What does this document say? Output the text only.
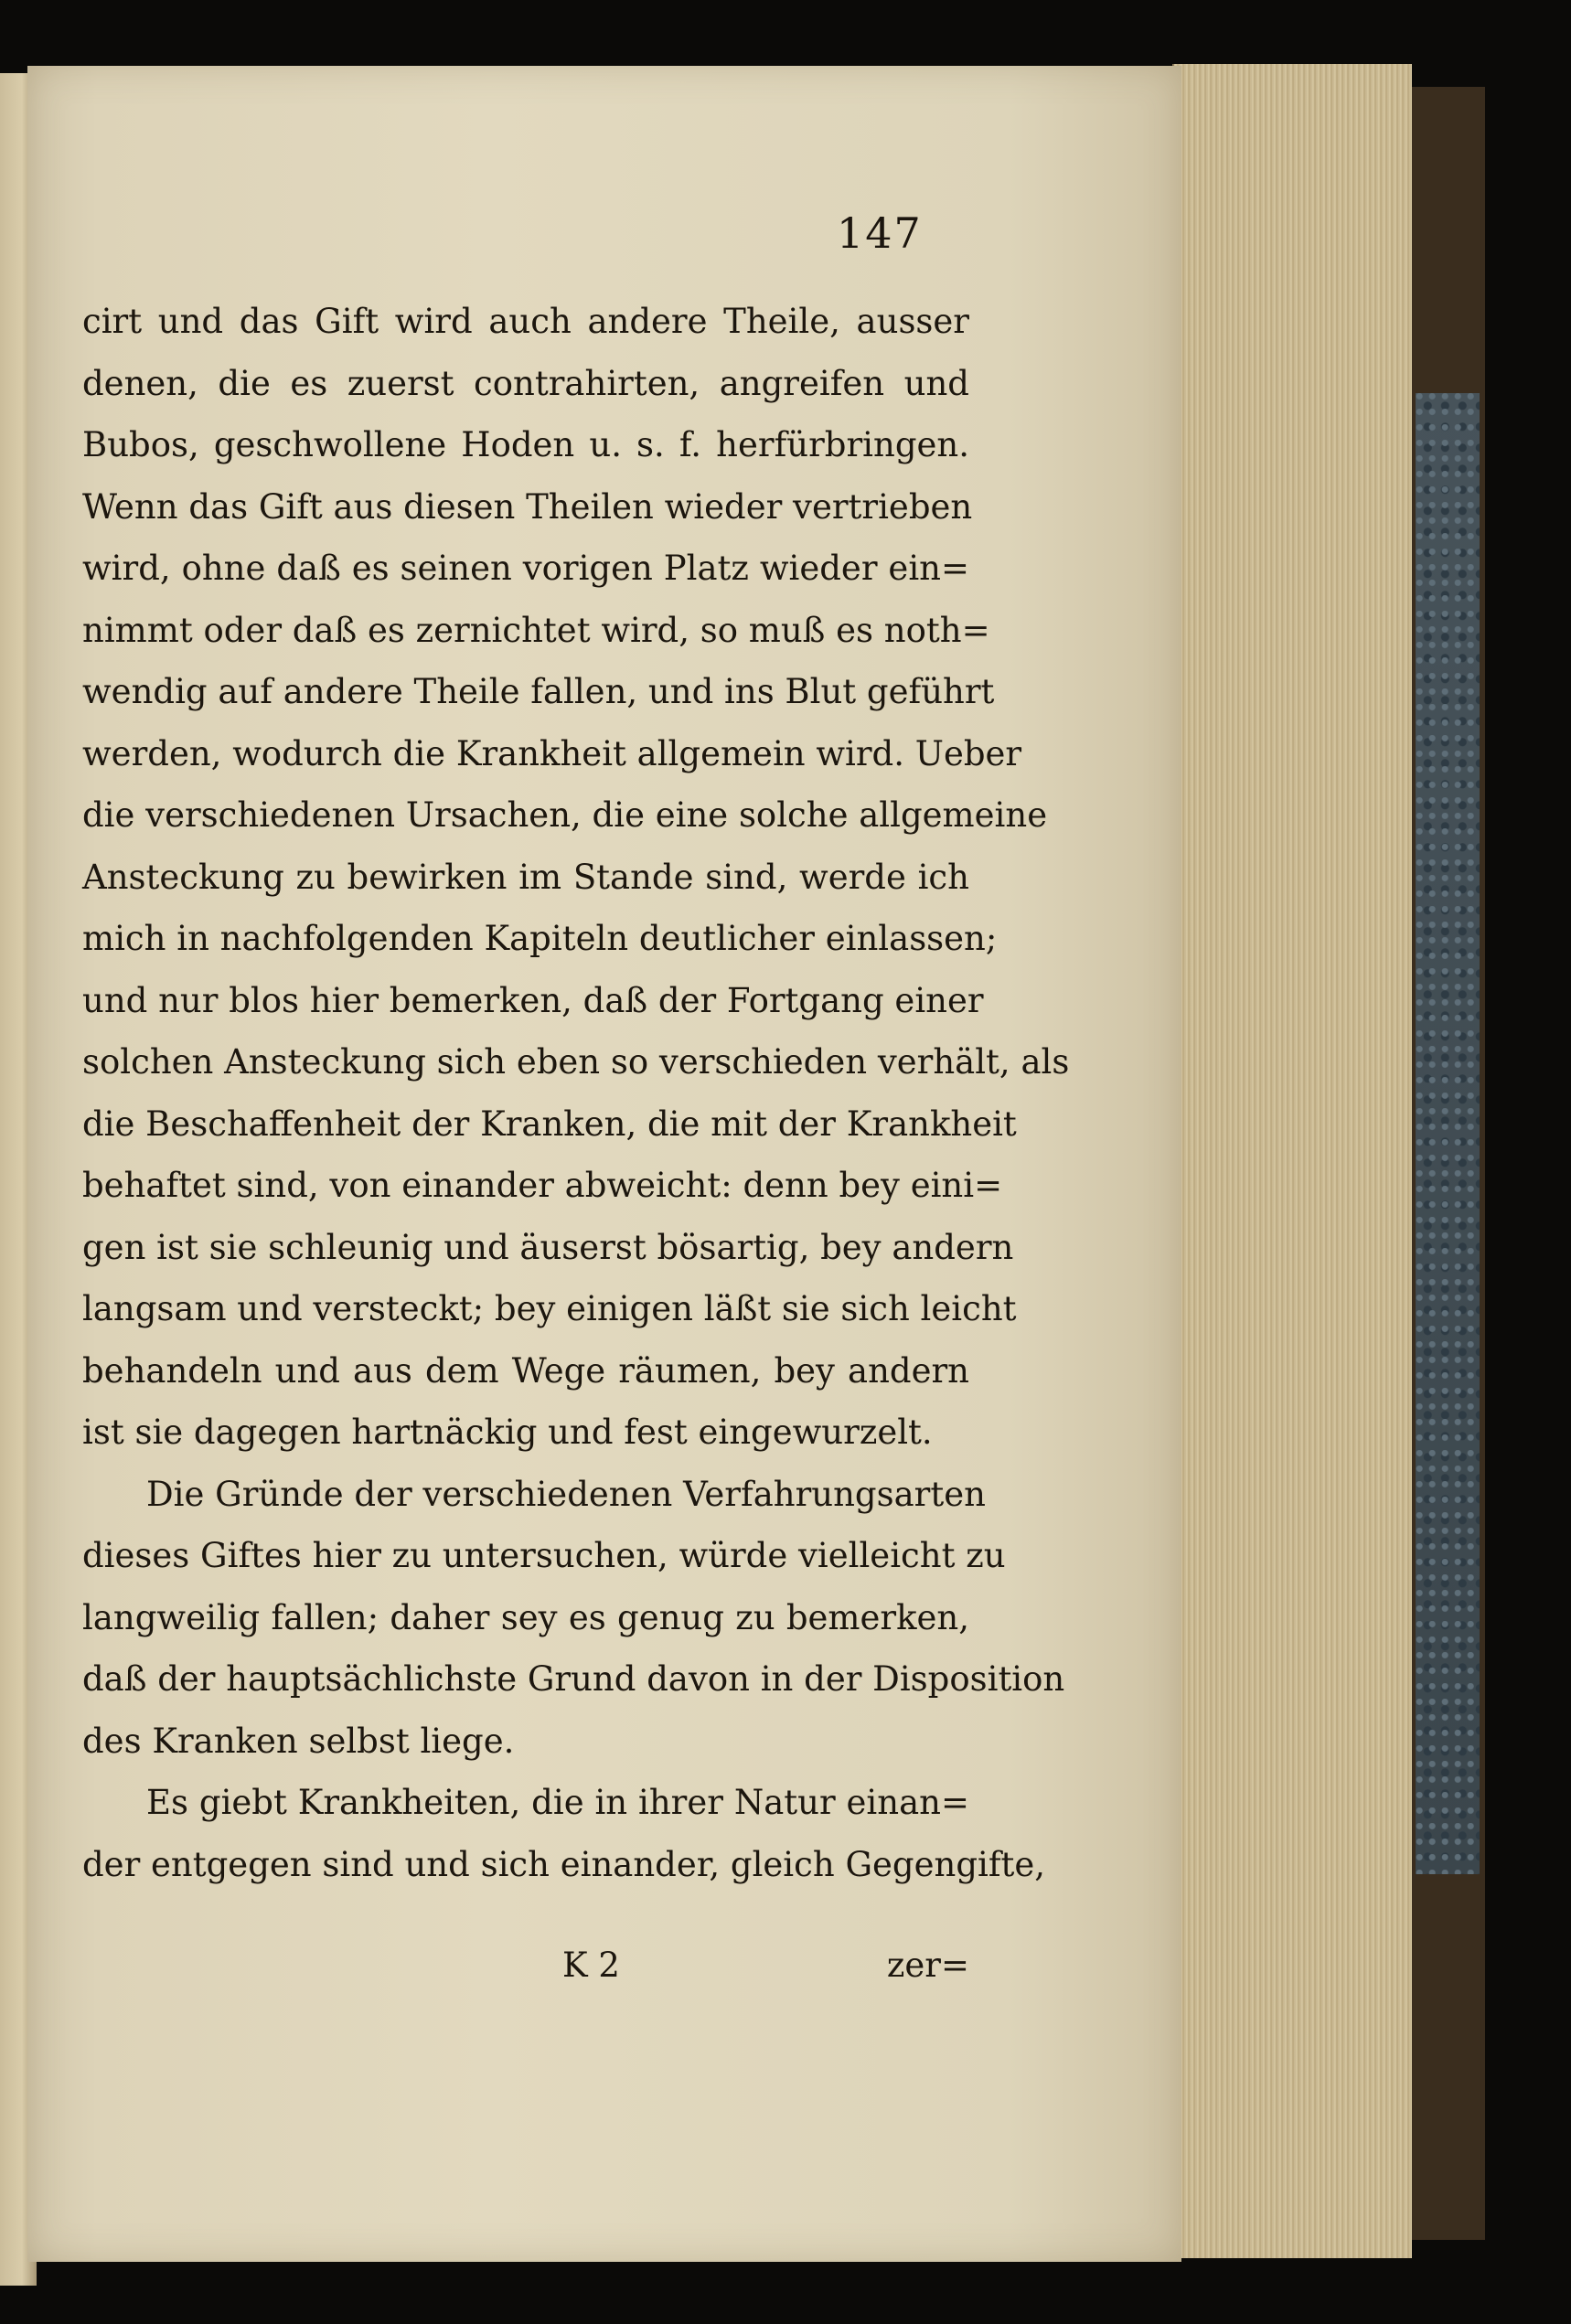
147
cirt und das Gift wird auch andere Theile, ausser
denen, die es zuerst contrahirten, angreifen und
Bubos, geschwollene Hoden u. s. f. herfürbringen.
Wenn das Gift aus diesen Theilen wieder vertrieben
wird, ohne daß es seinen vorigen Platz wieder ein=
nimmt oder daß es zernichtet wird, so muß es noth=
wendig auf andere Theile fallen, und ins Blut geführt
werden, wodurch die Krankheit allgemein wird. Ueber
die verschiedenen Ursachen, die eine solche allgemeine
Ansteckung zu bewirken im Stande sind, werde ich
mich in nachfolgenden Kapiteln deutlicher einlassen;
und nur blos hier bemerken, daß der Fortgang einer
solchen Ansteckung sich eben so verschieden verhält, als
die Beschaffenheit der Kranken, die mit der Krankheit
behaftet sind, von einander abweicht: denn bey eini=
gen ist sie schleunig und äuserst bösartig, bey andern
langsam und versteckt; bey einigen läßt sie sich leicht
behandeln und aus dem Wege räumen, bey andern
ist sie dagegen hartnäckig und fest eingewurzelt.
Die Gründe der verschiedenen Verfahrungsarten
dieses Giftes hier zu untersuchen, würde vielleicht zu
langweilig fallen; daher sey es genug zu bemerken,
daß der hauptsächlichste Grund davon in der Disposition
des Kranken selbst liege.
Es giebt Krankheiten, die in ihrer Natur einan=
der entgegen sind und sich einander, gleich Gegengifte,
K 2	zer=
